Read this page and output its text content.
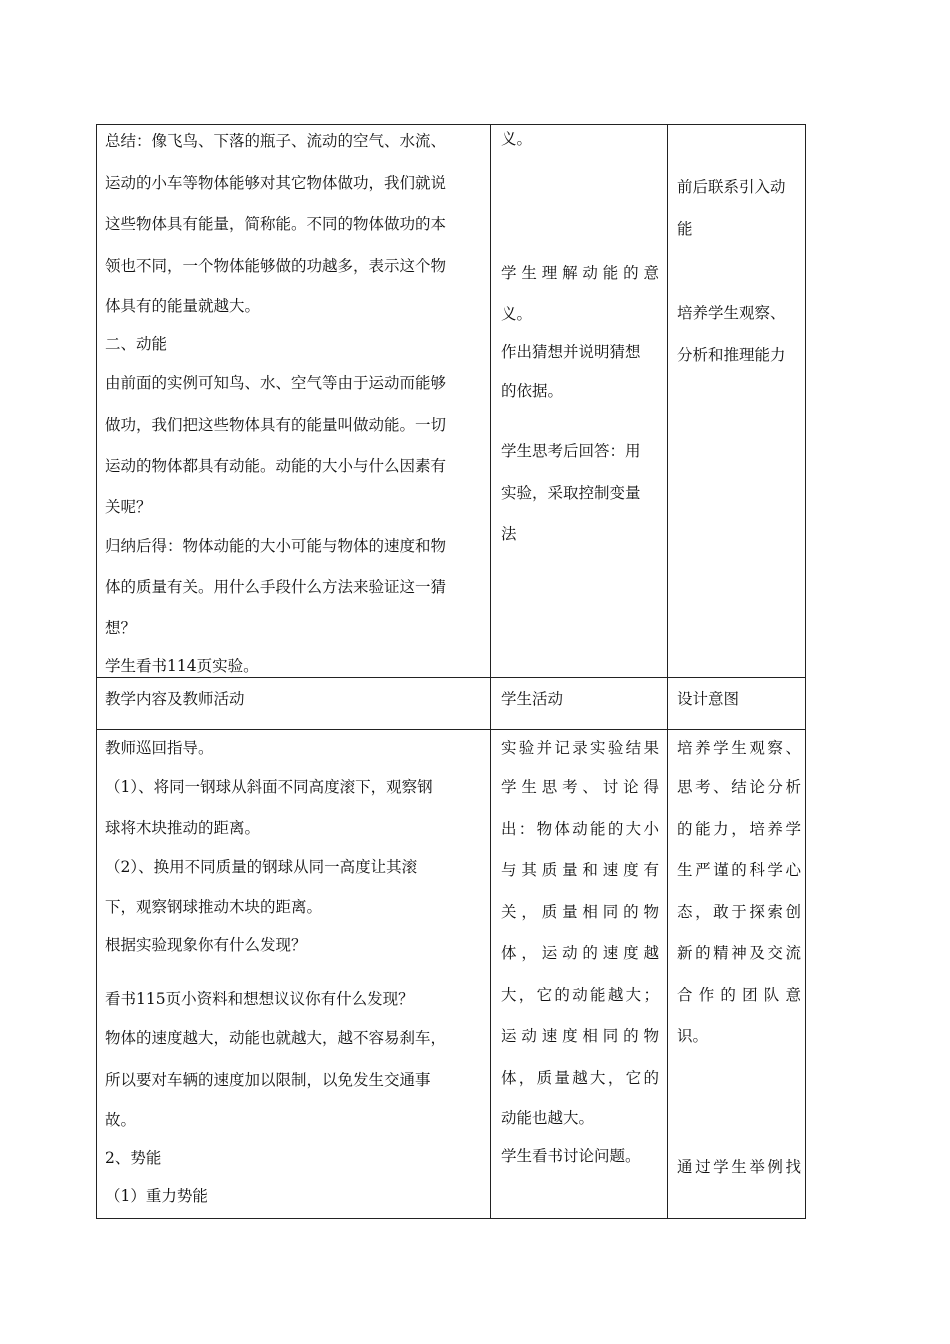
总结：像飞鸟、下落的瓶子、流动的空气、水流、

运动的小车等物体能够对其它物体做功，我们就说

这些物体具有能量，简称能。不同的物体做功的本

领也不同，一个物体能够做的功越多，表示这个物

体具有的能量就越大。

二、动能

由前面的实例可知鸟、水、空气等由于运动而能够

做功，我们把这些物体具有的能量叫做动能。一切

运动的物体都具有动能。动能的大小与什么因素有

关呢？

归纳后得：物体动能的大小可能与物体的速度和物

体的质量有关。用什么手段什么方法来验证这一猜

想？

学生看书114页实验。

义。

学生理解动能的意

义。

作出猜想并说明猜想

的依据。

学生思考后回答：用

实验，采取控制变量

法

前后联系引入动

能

培养学生观察、

分析和推理能力

教学内容及教师活动	学生活动	设计意图

教师巡回指导。

（1）、将同一钢球从斜面不同高度滚下，观察钢

球将木块推动的距离。

（2）、换用不同质量的钢球从同一高度让其滚

下，观察钢球推动木块的距离。

根据实验现象你有什么发现？

看书115页小资料和想想议议你有什么发现？

物体的速度越大，动能也就越大，越不容易刹车，

所以要对车辆的速度加以限制，以免发生交通事

故。

2、势能

（1）重力势能

实验并记录实验结果

学生思考、讨论得

出：物体动能的大小

与其质量和速度有

关，质量相同的物

体，运动的速度越

大，它的动能越大；

运动速度相同的物

体，质量越大，它的

动能也越大。

学生看书讨论问题。

培养学生观察、

思考、结论分析

的能力，培养学

生严谨的科学心

态，敢于探索创

新的精神及交流

合作的团队意

识。

通过学生举例找
